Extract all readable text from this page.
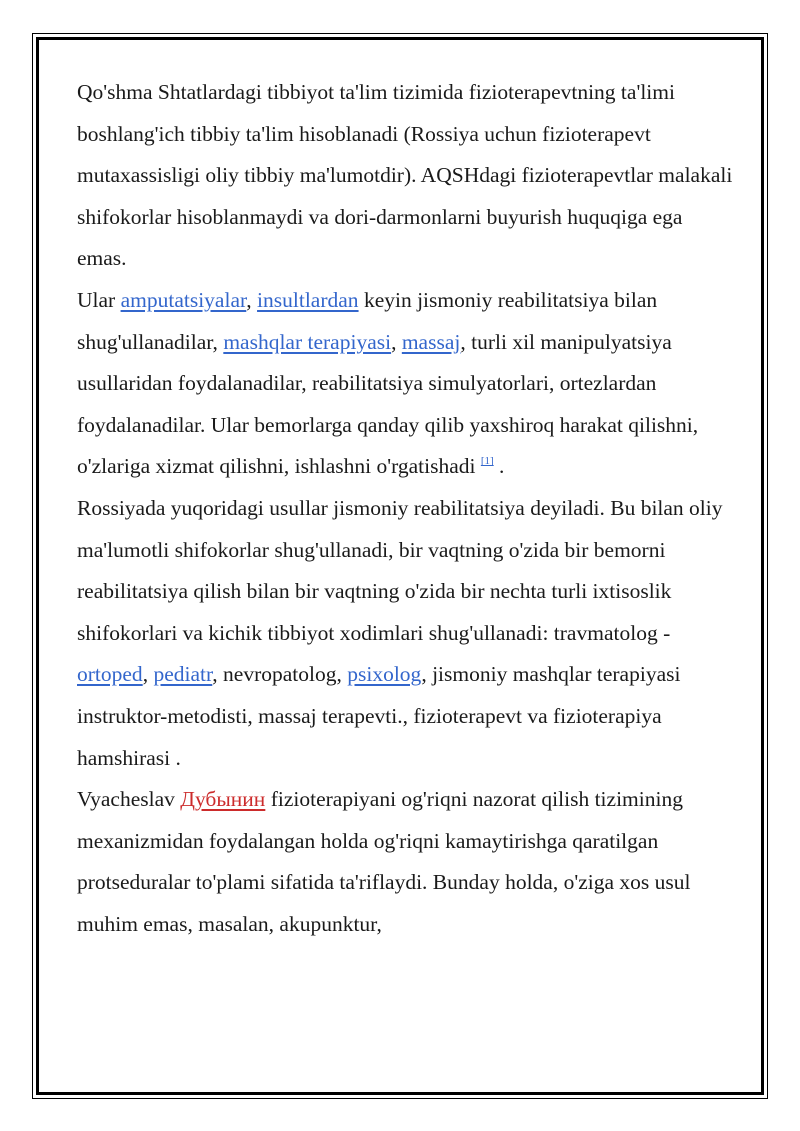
Qo'shma Shtatlardagi tibbiyot ta'lim tizimida fizioterapevtning ta'limi boshlang'ich tibbiy ta'lim hisoblanadi (Rossiya uchun fizioterapevt mutaxassisligi oliy tibbiy ma'lumotdir). AQSHdagi fizioterapevtlar malakali shifokorlar hisoblanmaydi va dori-darmonlarni buyurish huquqiga ega emas.

Ular amputatsiyalar, insultlardan keyin jismoniy reabilitatsiya bilan shug'ullanadilar, mashqlar terapiyasi, massaj, turli xil manipulyatsiya usullaridan foydalanadilar, reabilitatsiya simulyatorlari, ortezlardan foydalanadilar. Ular bemorlarga qanday qilib yaxshiroq harakat qilishni, o'zlariga xizmat qilishni, ishlashni o'rgatishadi [1] .

Rossiyada yuqoridagi usullar jismoniy reabilitatsiya deyiladi. Bu bilan oliy ma'lumotli shifokorlar shug'ullanadi, bir vaqtning o'zida bir bemorni reabilitatsiya qilish bilan bir vaqtning o'zida bir nechta turli ixtisoslik shifokorlari va kichik tibbiyot xodimlari shug'ullanadi: travmatolog - ortoped, pediatr, nevropatolog, psixolog, jismoniy mashqlar terapiyasi instruktor-metodisti, massaj terapevti., fizioterapevt va fizioterapiya hamshirasi .

Vyacheslav Дубынин fizioterapiyani og'riqni nazorat qilish tizimining mexanizmidan foydalangan holda og'riqni kamaytirishga qaratilgan protseduralar to'plami sifatida ta'riflaydi. Bunday holda, o'ziga xos usul muhim emas, masalan, akupunktur,
